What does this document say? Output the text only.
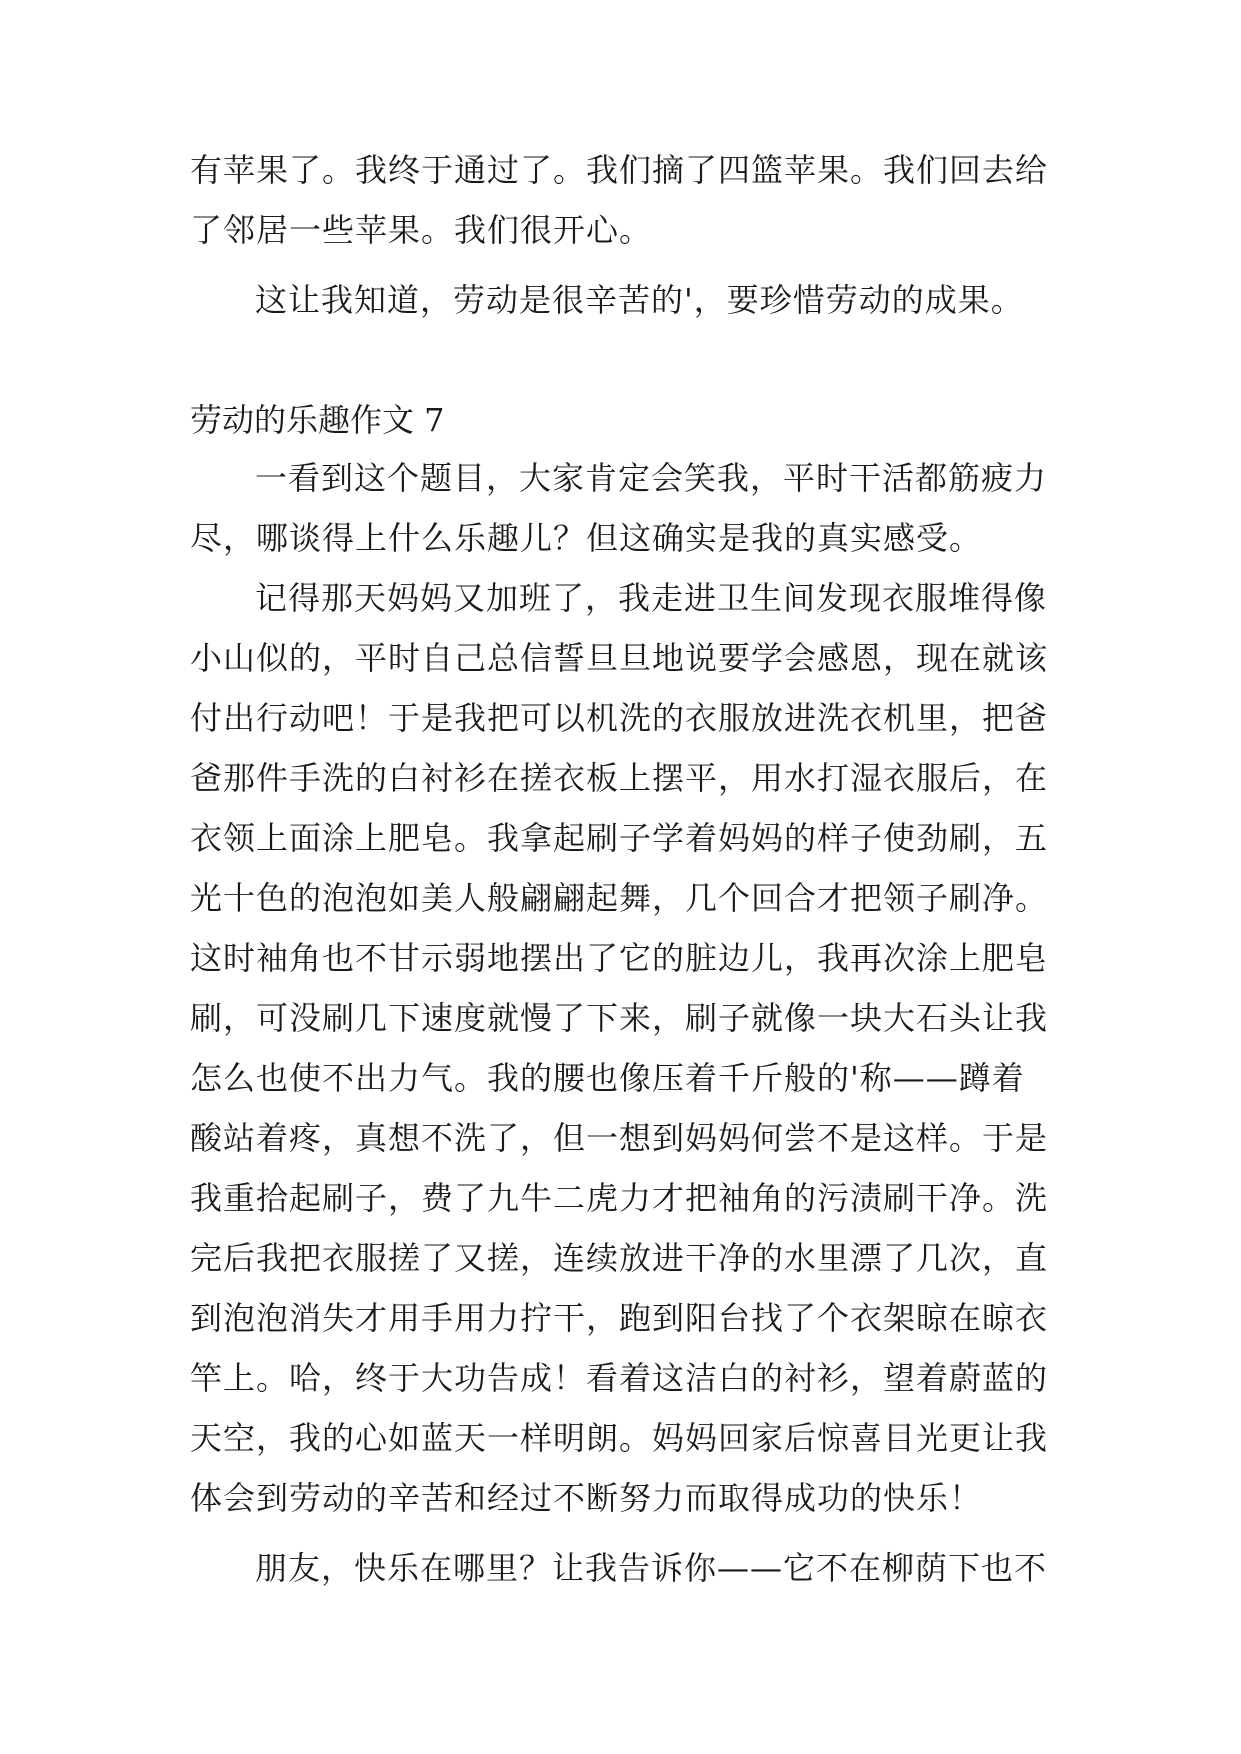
有苹果了。我终于通过了。我们摘了四篮苹果。我们回去给
了邻居一些苹果。我们很开心。
这让我知道，劳动是很辛苦的'，要珍惜劳动的成果。
劳动的乐趣作文 7
一看到这个题目，大家肯定会笑我，平时干活都筋疲力
尽，哪谈得上什么乐趣儿？但这确实是我的真实感受。
记得那天妈妈又加班了，我走进卫生间发现衣服堆得像
小山似的，平时自己总信誓旦旦地说要学会感恩，现在就该
付出行动吧！于是我把可以机洗的衣服放进洗衣机里，把爸
爸那件手洗的白衬衫在搓衣板上摆平，用水打湿衣服后，在
衣领上面涂上肥皂。我拿起刷子学着妈妈的样子使劲刷，五
光十色的泡泡如美人般翩翩起舞，几个回合才把领子刷净。
这时袖角也不甘示弱地摆出了它的脏边儿，我再次涂上肥皂
刷，可没刷几下速度就慢了下来，刷子就像一块大石头让我
怎么也使不出力气。我的腰也像压着千斤般的'称——蹲着
酸站着疼，真想不洗了，但一想到妈妈何尝不是这样。于是
我重拾起刷子，费了九牛二虎力才把袖角的污渍刷干净。洗
完后我把衣服搓了又搓，连续放进干净的水里漂了几次，直
到泡泡消失才用手用力拧干，跑到阳台找了个衣架晾在晾衣
竿上。哈，终于大功告成！看着这洁白的衬衫，望着蔚蓝的
天空，我的心如蓝天一样明朗。妈妈回家后惊喜目光更让我
体会到劳动的辛苦和经过不断努力而取得成功的快乐！
朋友，快乐在哪里？让我告诉你——它不在柳荫下也不
